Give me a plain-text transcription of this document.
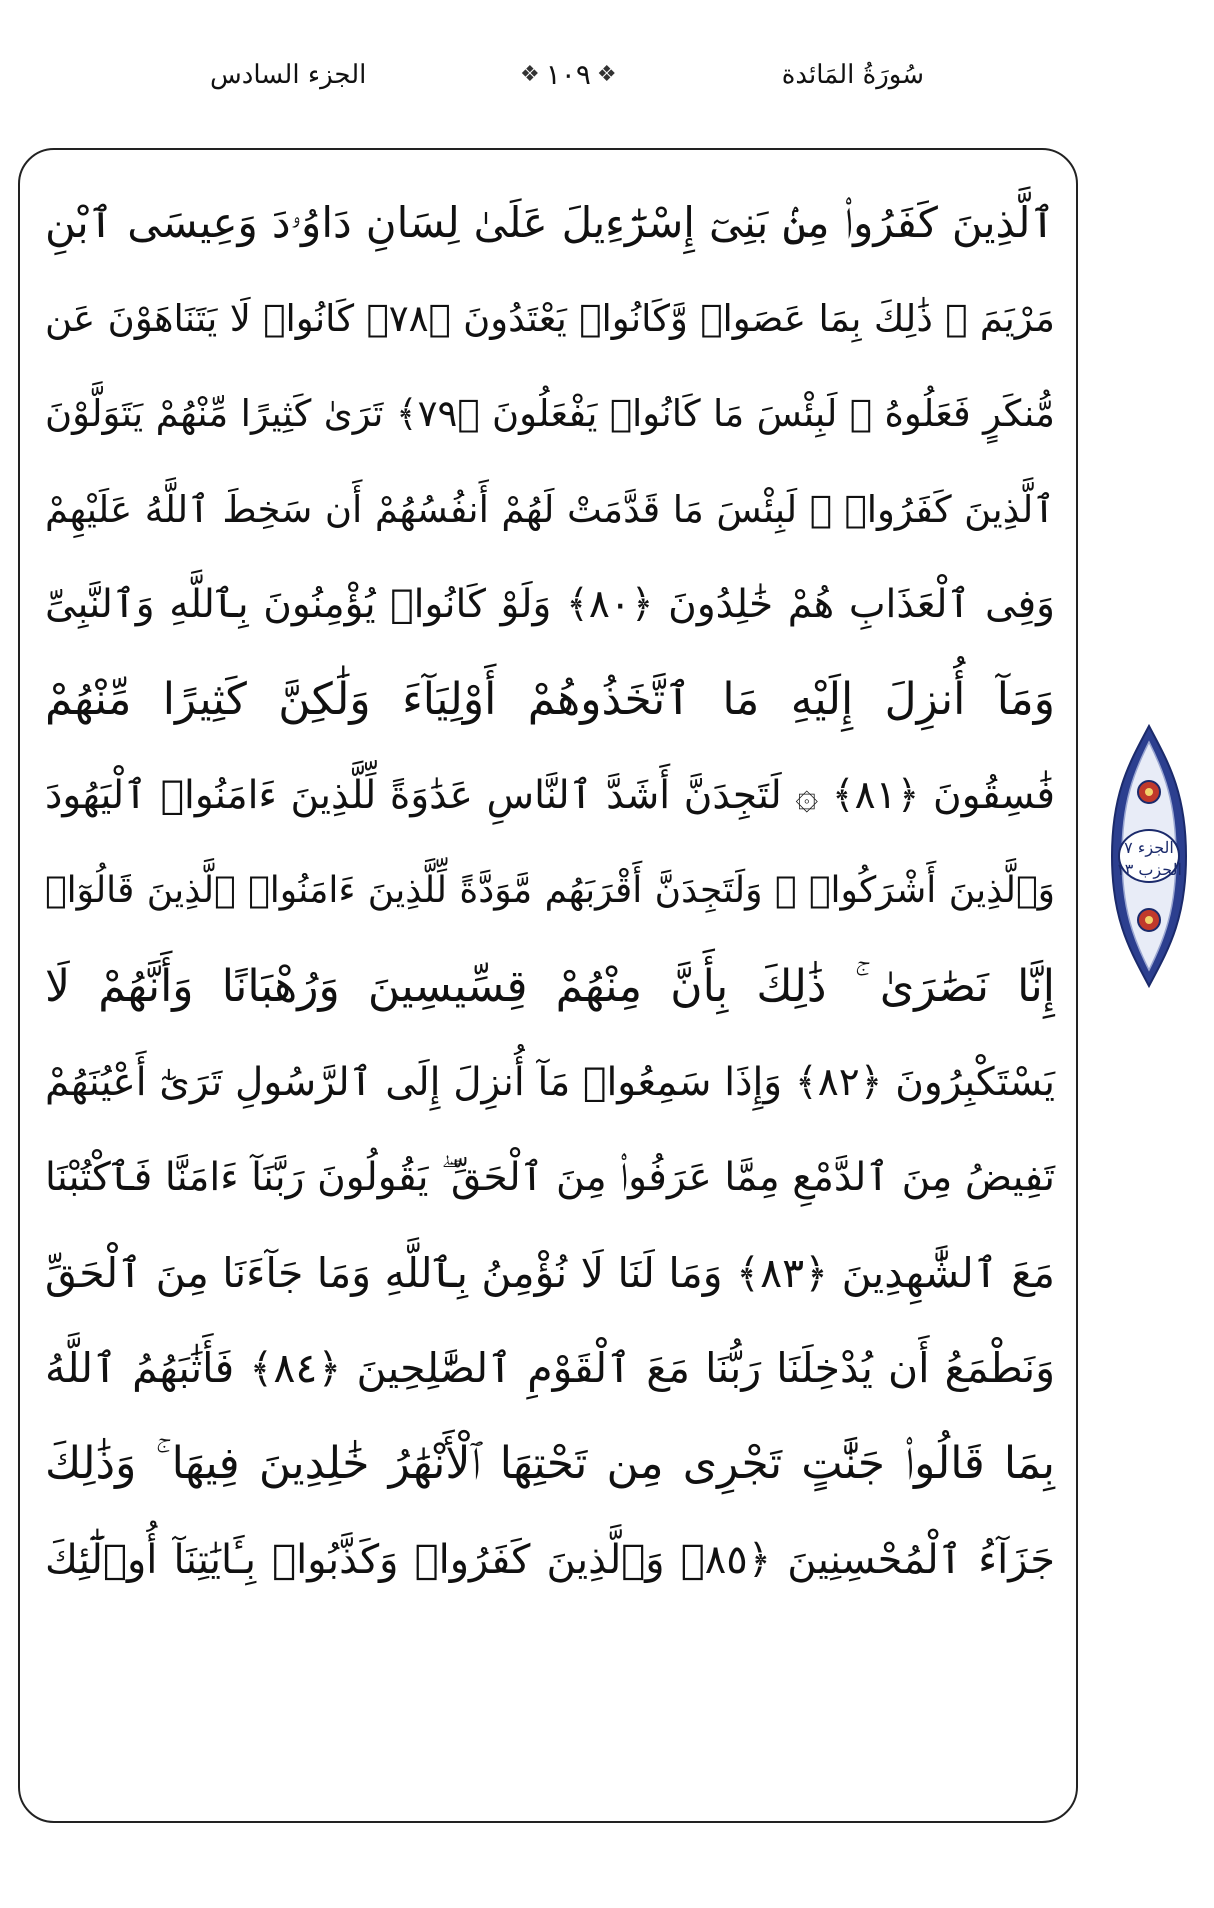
سُورَةُ المَائدة
❖ ١٠٩ ❖
الجزء السادس
ٱلَّذِينَ كَفَرُوا۟ مِنۢ بَنِىٓ إِسْرَٰٓءِيلَ عَلَىٰ لِسَانِ دَاوُۥدَ وَعِيسَى ٱبْنِ
مَرْيَمَ ۚ ذَٰلِكَ بِمَا عَصَوا۟ وَّكَانُوا۟ يَعْتَدُونَ ﴿٧٨﴾ كَانُوا۟ لَا يَتَنَاهَوْنَ عَن
مُّنكَرٍ فَعَلُوهُ ۚ لَبِئْسَ مَا كَانُوا۟ يَفْعَلُونَ ﴿٧٩﴾ تَرَىٰ كَثِيرًا مِّنْهُمْ يَتَوَلَّوْنَ
ٱلَّذِينَ كَفَرُوا۟ ۚ لَبِئْسَ مَا قَدَّمَتْ لَهُمْ أَنفُسُهُمْ أَن سَخِطَ ٱللَّهُ عَلَيْهِمْ
وَفِى ٱلْعَذَابِ هُمْ خَٰلِدُونَ ﴿٨٠﴾ وَلَوْ كَانُوا۟ يُؤْمِنُونَ بِٱللَّهِ وَٱلنَّبِىِّ
وَمَآ أُنزِلَ إِلَيْهِ مَا ٱتَّخَذُوهُمْ أَوْلِيَآءَ وَلَٰكِنَّ كَثِيرًا مِّنْهُمْ
فَٰسِقُونَ ﴿٨١﴾ ۞ لَتَجِدَنَّ أَشَدَّ ٱلنَّاسِ عَدَٰوَةً لِّلَّذِينَ ءَامَنُوا۟ ٱلْيَهُودَ
وَٱلَّذِينَ أَشْرَكُوا۟ ۖ وَلَتَجِدَنَّ أَقْرَبَهُم مَّوَدَّةً لِّلَّذِينَ ءَامَنُوا۟ ٱلَّذِينَ قَالُوٓا۟
إِنَّا نَصَٰرَىٰ ۚ ذَٰلِكَ بِأَنَّ مِنْهُمْ قِسِّيسِينَ وَرُهْبَانًا وَأَنَّهُمْ لَا
يَسْتَكْبِرُونَ ﴿٨٢﴾ وَإِذَا سَمِعُوا۟ مَآ أُنزِلَ إِلَى ٱلرَّسُولِ تَرَىٰٓ أَعْيُنَهُمْ
تَفِيضُ مِنَ ٱلدَّمْعِ مِمَّا عَرَفُوا۟ مِنَ ٱلْحَقِّ ۖ يَقُولُونَ رَبَّنَآ ءَامَنَّا فَٱكْتُبْنَا
مَعَ ٱلشَّٰهِدِينَ ﴿٨٣﴾ وَمَا لَنَا لَا نُؤْمِنُ بِٱللَّهِ وَمَا جَآءَنَا مِنَ ٱلْحَقِّ
وَنَطْمَعُ أَن يُدْخِلَنَا رَبُّنَا مَعَ ٱلْقَوْمِ ٱلصَّٰلِحِينَ ﴿٨٤﴾ فَأَثَٰبَهُمُ ٱللَّهُ
بِمَا قَالُوا۟ جَنَّٰتٍ تَجْرِى مِن تَحْتِهَا ٱلْأَنْهَٰرُ خَٰلِدِينَ فِيهَا ۚ وَذَٰلِكَ
جَزَآءُ ٱلْمُحْسِنِينَ ﴿٨٥﴾ وَٱلَّذِينَ كَفَرُوا۟ وَكَذَّبُوا۟ بِـَٔايَٰتِنَآ أُو۟لَٰٓئِكَ
الجزء ٧
الحزب ١٣
